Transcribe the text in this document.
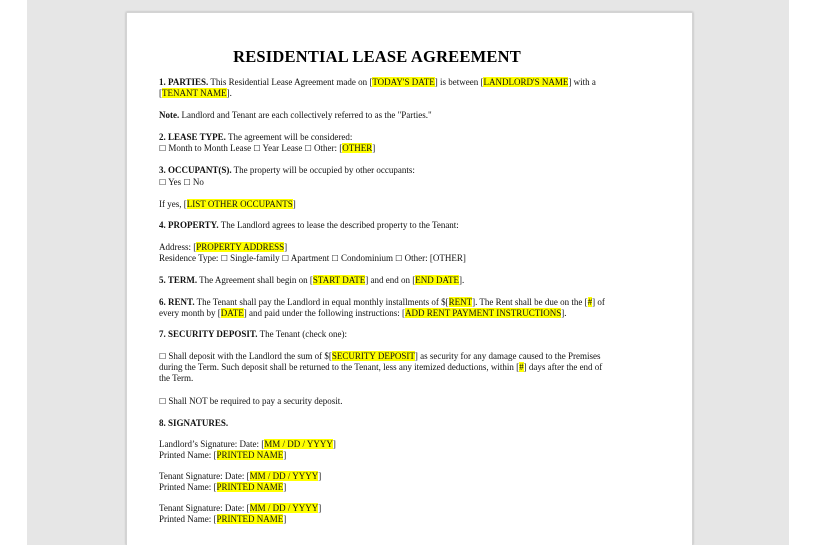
RESIDENTIAL LEASE AGREEMENT
1. PARTIES. This Residential Lease Agreement made on [TODAY'S DATE] is between [LANDLORD'S NAME] with a
[TENANT NAME].
Note. Landlord and Tenant are each collectively referred to as the "Parties."
2. LEASE TYPE. The agreement will be considered:
☐ Month to Month Lease ☐ Year Lease ☐ Other: [OTHER]
3. OCCUPANT(S). The property will be occupied by other occupants:
☐ Yes ☐ No
If yes, [LIST OTHER OCCUPANTS]
4. PROPERTY. The Landlord agrees to lease the described property to the Tenant:
Address: [PROPERTY ADDRESS]
Residence Type: ☐ Single-family ☐ Apartment ☐ Condominium ☐ Other: [OTHER]
5. TERM. The Agreement shall begin on [START DATE] and end on [END DATE].
6. RENT. The Tenant shall pay the Landlord in equal monthly installments of $[RENT]. The Rent shall be due on the [#] of
every month by [DATE] and paid under the following instructions: [ADD RENT PAYMENT INSTRUCTIONS].
7. SECURITY DEPOSIT. The Tenant (check one):
☐ Shall deposit with the Landlord the sum of $[SECURITY DEPOSIT] as security for any damage caused to the Premises
during the Term. Such deposit shall be returned to the Tenant, less any itemized deductions, within [#] days after the end of
the Term.
☐ Shall NOT be required to pay a security deposit.
8. SIGNATURES.
Landlord’s Signature: Date: [MM / DD / YYYY]
Printed Name: [PRINTED NAME]
Tenant Signature: Date: [MM / DD / YYYY]
Printed Name: [PRINTED NAME]
Tenant Signature: Date: [MM / DD / YYYY]
Printed Name: [PRINTED NAME]
